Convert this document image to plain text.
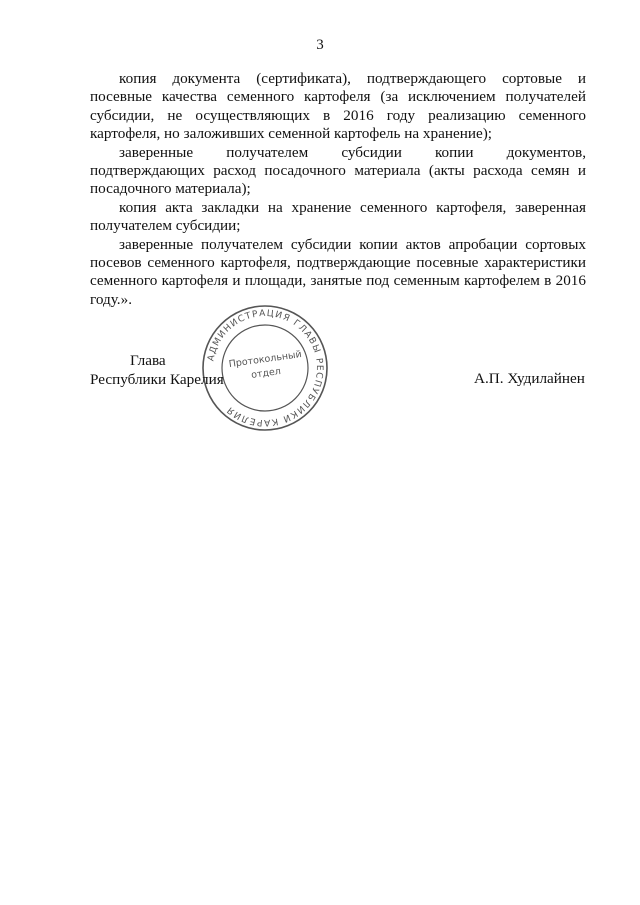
3

копия документа (сертификата), подтверждающего сортовые и посевные качества семенного картофеля (за исключением получателей субсидии, не осуществляющих в 2016 году реализацию семенного картофеля, но заложивших семенной картофель на хранение);

заверенные получателем субсидии копии документов, подтверждающих расход посадочного материала (акты расхода семян и посадочного материала);

копия акта закладки на хранение семенного картофеля, заверенная получателем субсидии;

заверенные получателем субсидии копии актов апробации сортовых посевов семенного картофеля, подтверждающие посевные характеристики семенного картофеля и площади, занятые под семенным картофелем в 2016 году.».

АДМИНИСТРАЦИЯ ГЛАВЫ РЕСПУБЛИКИ КАРЕЛИЯ
Протокольный
отдел
Глава
Республики Карелия	А.П. Худилайнен
